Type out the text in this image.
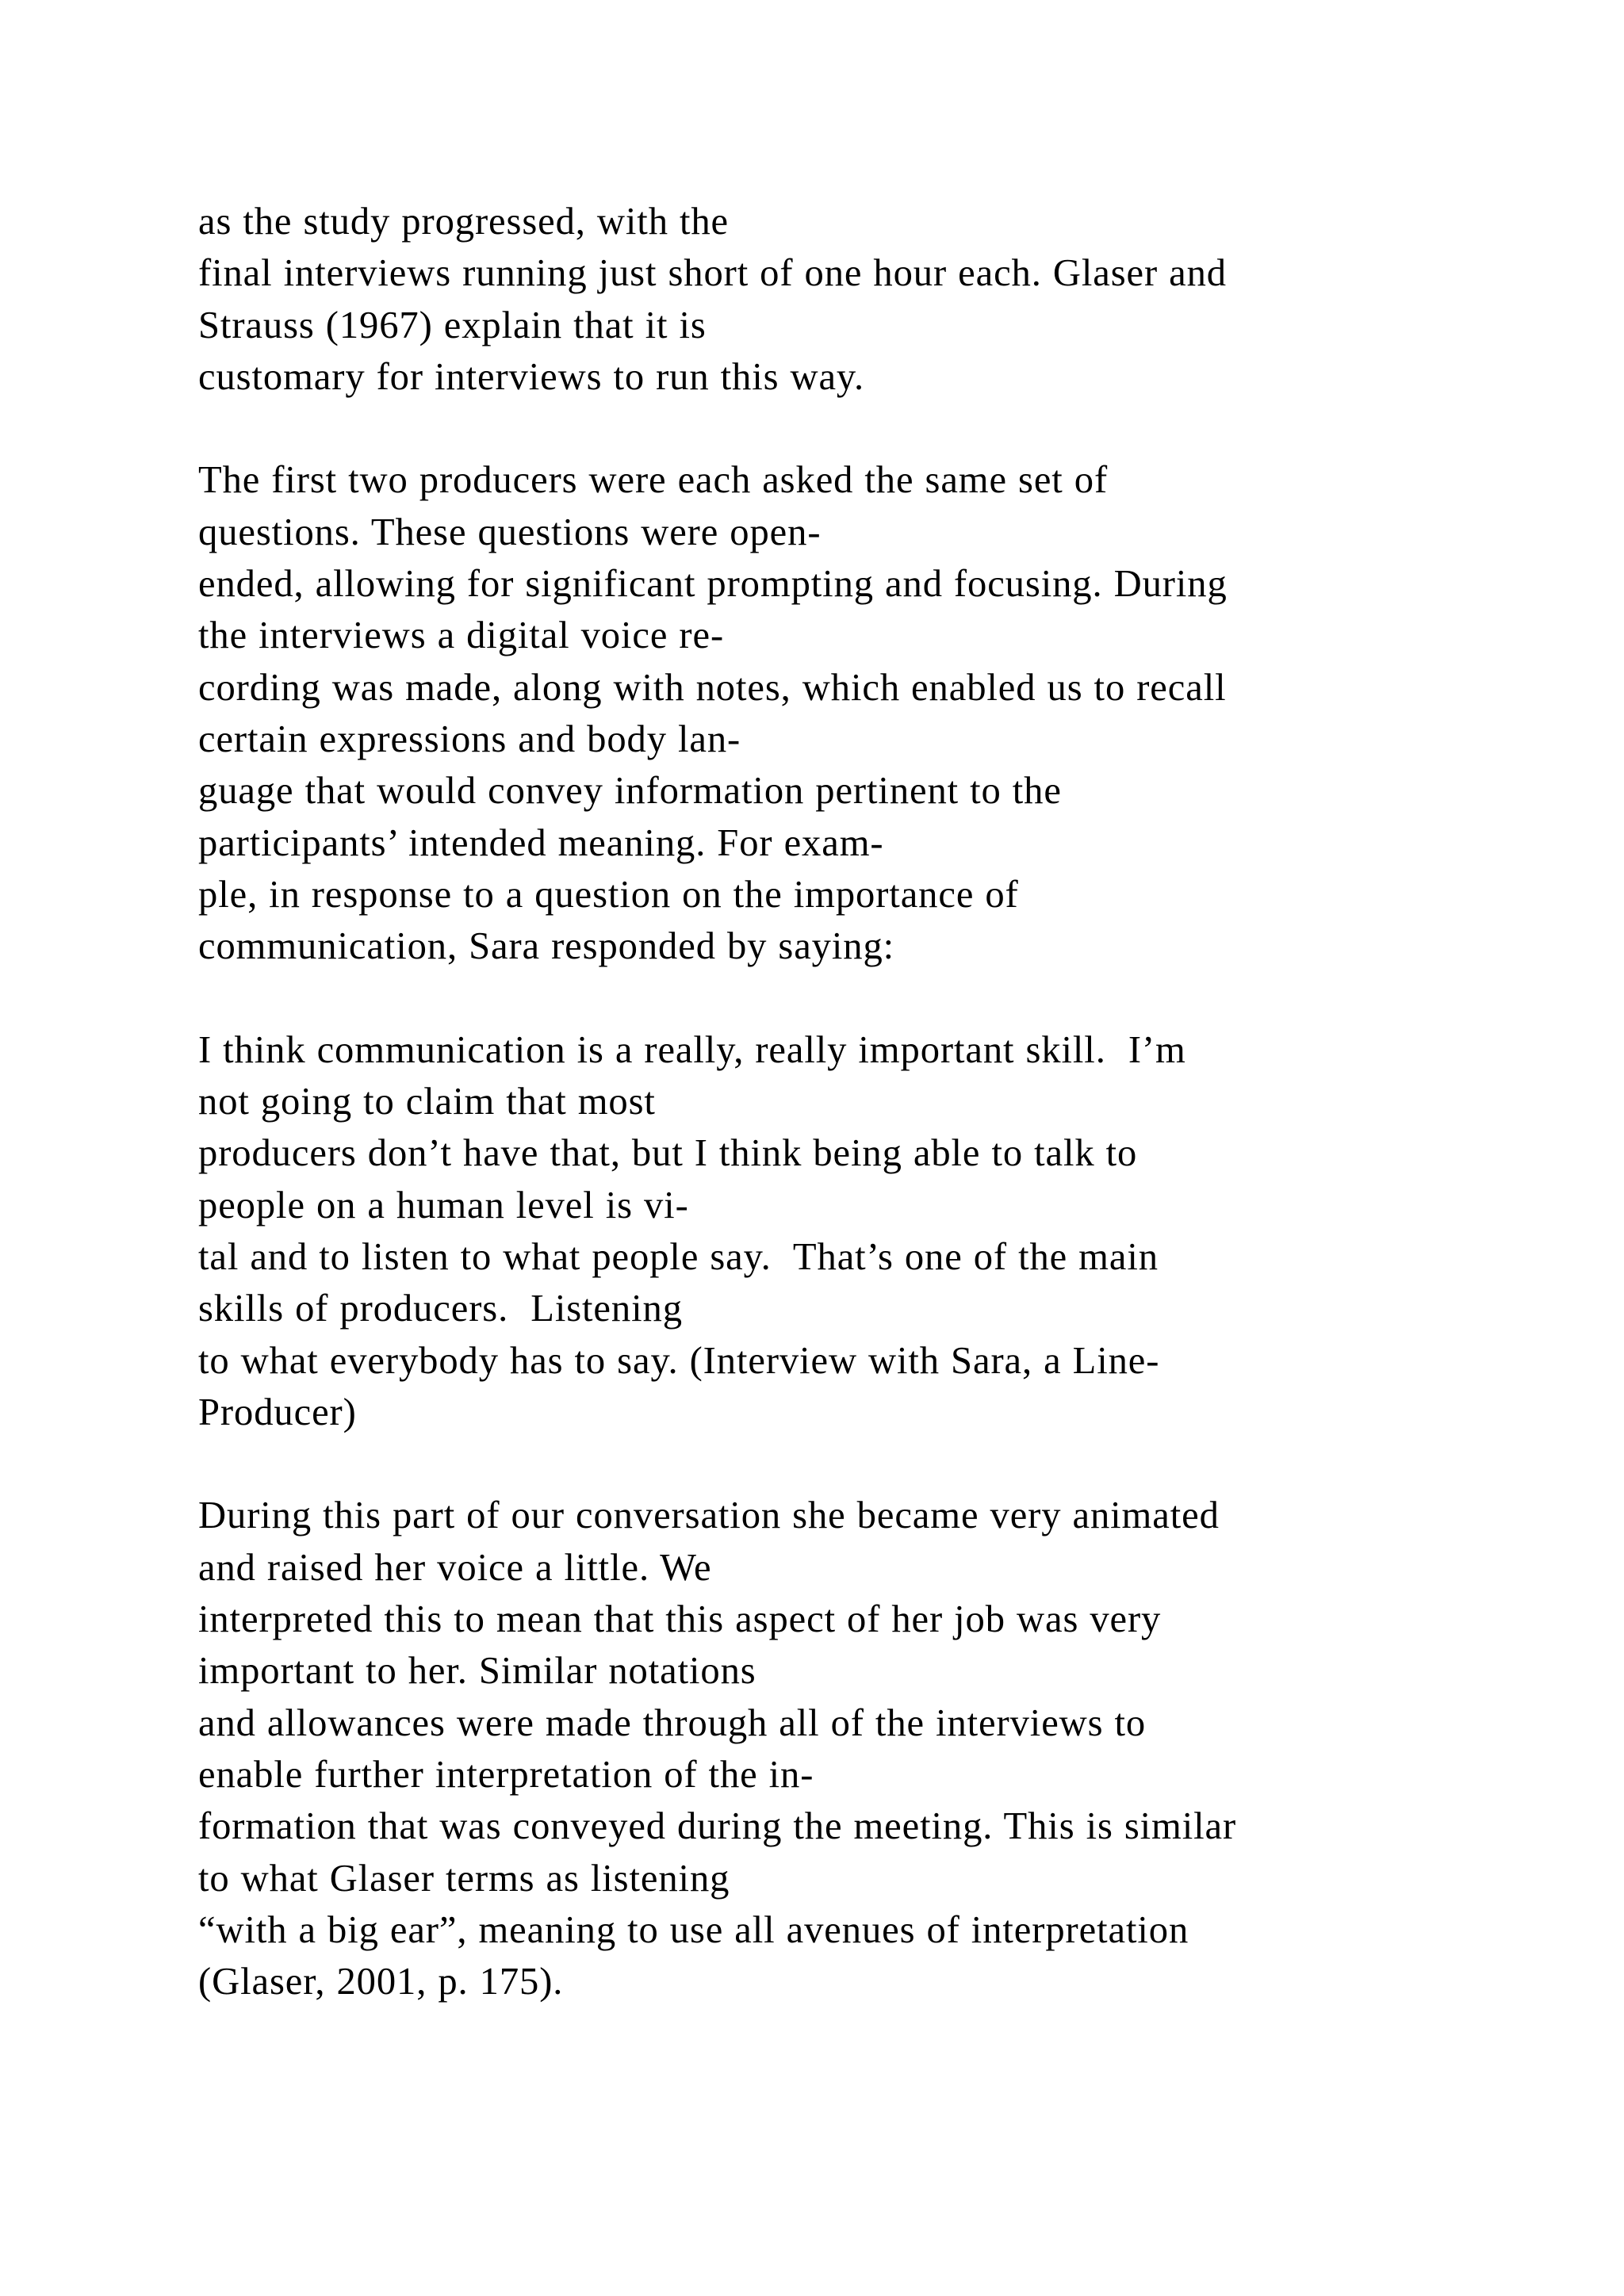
as the study progressed, with the
final interviews running just short of one hour each. Glaser and
Strauss (1967) explain that it is
customary for interviews to run this way.
The first two producers were each asked the same set of
questions. These questions were open-
ended, allowing for significant prompting and focusing. During
the interviews a digital voice re-
cording was made, along with notes, which enabled us to recall
certain expressions and body lan-
guage that would convey information pertinent to the
participants’ intended meaning. For exam-
ple, in response to a question on the importance of
communication, Sara responded by saying:
I think communication is a really, really important skill.  I’m
not going to claim that most
producers don’t have that, but I think being able to talk to
people on a human level is vi-
tal and to listen to what people say.  That’s one of the main
skills of producers.  Listening
to what everybody has to say. (Interview with Sara, a Line-
Producer)
During this part of our conversation she became very animated
and raised her voice a little. We
interpreted this to mean that this aspect of her job was very
important to her. Similar notations
and allowances were made through all of the interviews to
enable further interpretation of the in-
formation that was conveyed during the meeting. This is similar
to what Glaser terms as listening
“with a big ear”, meaning to use all avenues of interpretation
(Glaser, 2001, p. 175).
